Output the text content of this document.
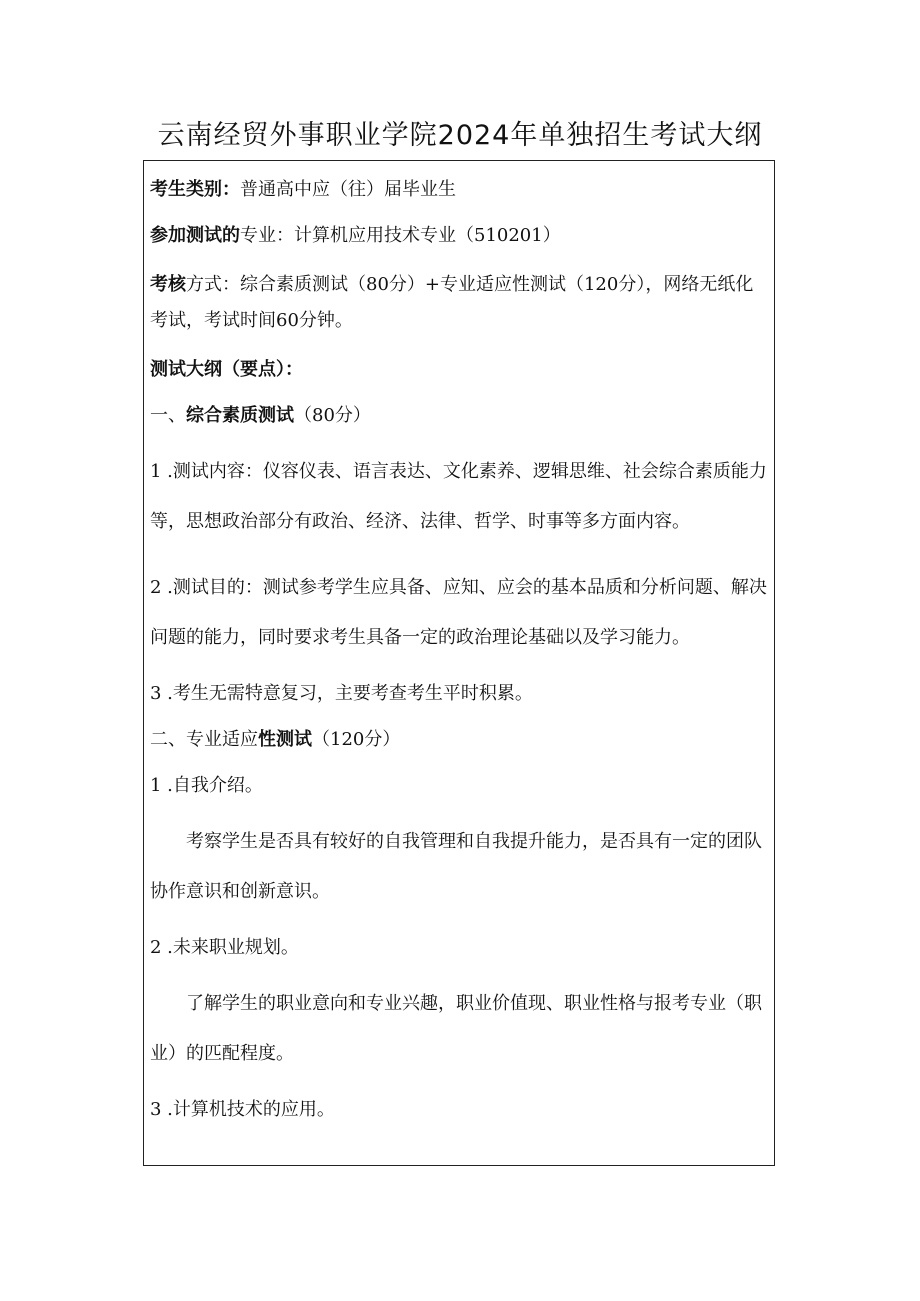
云南经贸外事职业学院2024年单独招生考试大纲

考生类别：普通高中应（往）届毕业生

参加测试的专业：计算机应用技术专业（510201）

考核方式：综合素质测试（80分）+专业适应性测试（120分），网络无纸化考试，考试时间60分钟。

测试大纲（要点）：

一、综合素质测试（80分）

1 .测试内容：仪容仪表、语言表达、文化素养、逻辑思维、社会综合素质能力等，思想政治部分有政治、经济、法律、哲学、时事等多方面内容。

2 .测试目的：测试参考学生应具备、应知、应会的基本品质和分析问题、解决问题的能力，同时要求考生具备一定的政治理论基础以及学习能力。

3 .考生无需特意复习，主要考查考生平时积累。

二、专业适应性测试（120分）

1 .自我介绍。

考察学生是否具有较好的自我管理和自我提升能力，是否具有一定的团队协作意识和创新意识。

2 .未来职业规划。

了解学生的职业意向和专业兴趣，职业价值现、职业性格与报考专业（职业）的匹配程度。

3 .计算机技术的应用。
